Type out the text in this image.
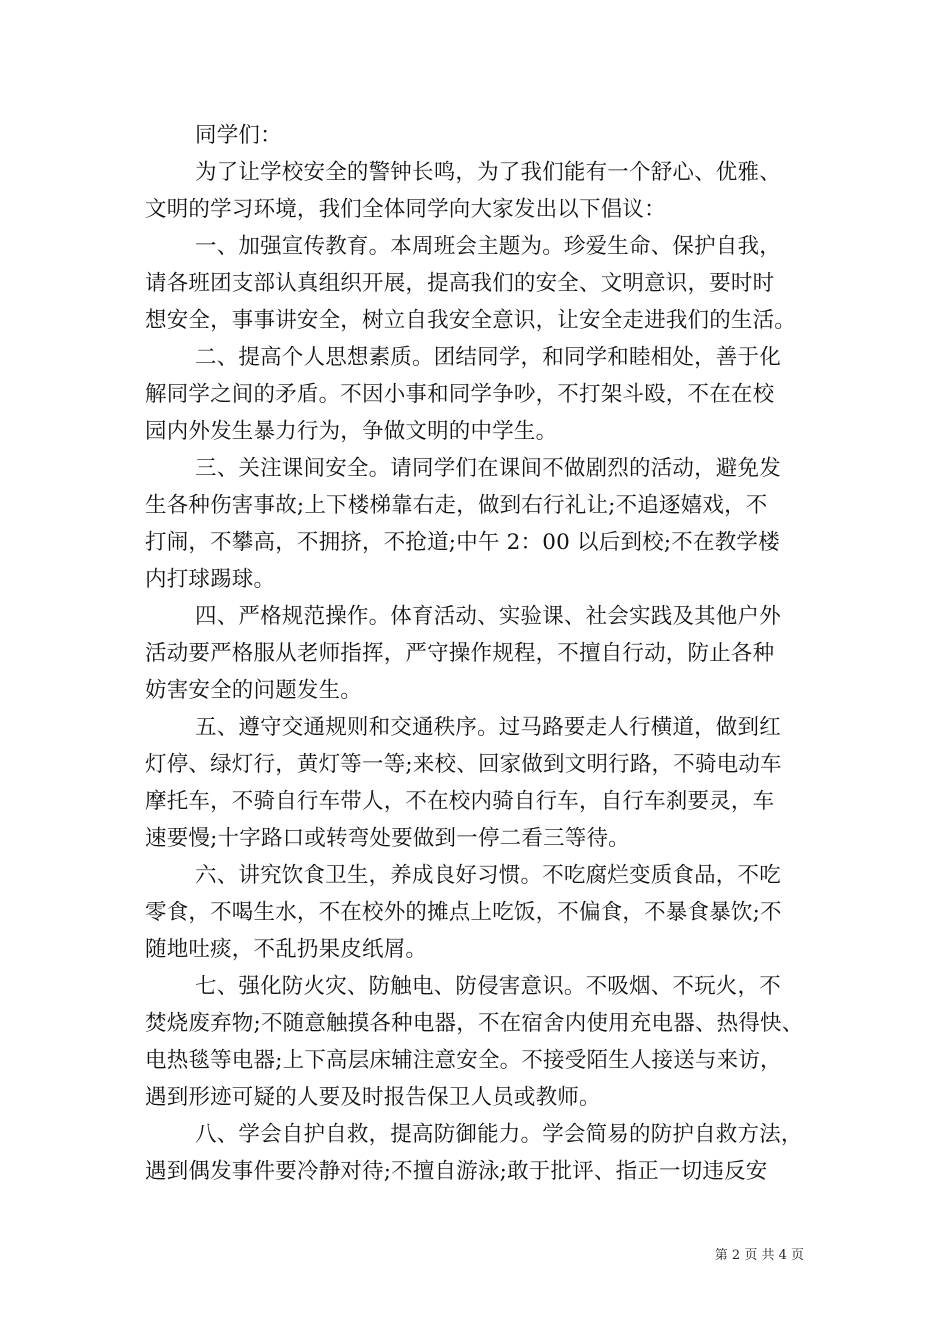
同学们：
为了让学校安全的警钟长鸣，为了我们能有一个舒心、优雅、
文明的学习环境，我们全体同学向大家发出以下倡议：
一、加强宣传教育。本周班会主题为。珍爱生命、保护自我，
请各班团支部认真组织开展，提高我们的安全、文明意识，要时时
想安全，事事讲安全，树立自我安全意识，让安全走进我们的生活。
二、提高个人思想素质。团结同学，和同学和睦相处，善于化
解同学之间的矛盾。不因小事和同学争吵，不打架斗殴，不在在校
园内外发生暴力行为，争做文明的中学生。
三、关注课间安全。请同学们在课间不做剧烈的活动，避免发
生各种伤害事故;上下楼梯靠右走，做到右行礼让;不追逐嬉戏，不
打闹，不攀高，不拥挤，不抢道;中午 2：00 以后到校;不在教学楼
内打球踢球。
四、严格规范操作。体育活动、实验课、社会实践及其他户外
活动要严格服从老师指挥，严守操作规程，不擅自行动，防止各种
妨害安全的问题发生。
五、遵守交通规则和交通秩序。过马路要走人行横道，做到红
灯停、绿灯行，黄灯等一等;来校、回家做到文明行路，不骑电动车
摩托车，不骑自行车带人，不在校内骑自行车，自行车刹要灵，车
速要慢;十字路口或转弯处要做到一停二看三等待。
六、讲究饮食卫生，养成良好习惯。不吃腐烂变质食品，不吃
零食，不喝生水，不在校外的摊点上吃饭，不偏食，不暴食暴饮;不
随地吐痰，不乱扔果皮纸屑。
七、强化防火灾、防触电、防侵害意识。不吸烟、不玩火，不
焚烧废弃物;不随意触摸各种电器，不在宿舍内使用充电器、热得快、
电热毯等电器;上下高层床辅注意安全。不接受陌生人接送与来访，
遇到形迹可疑的人要及时报告保卫人员或教师。
八、学会自护自救，提高防御能力。学会简易的防护自救方法，
遇到偶发事件要冷静对待;不擅自游泳;敢于批评、指正一切违反安
第 2 页 共 4 页
